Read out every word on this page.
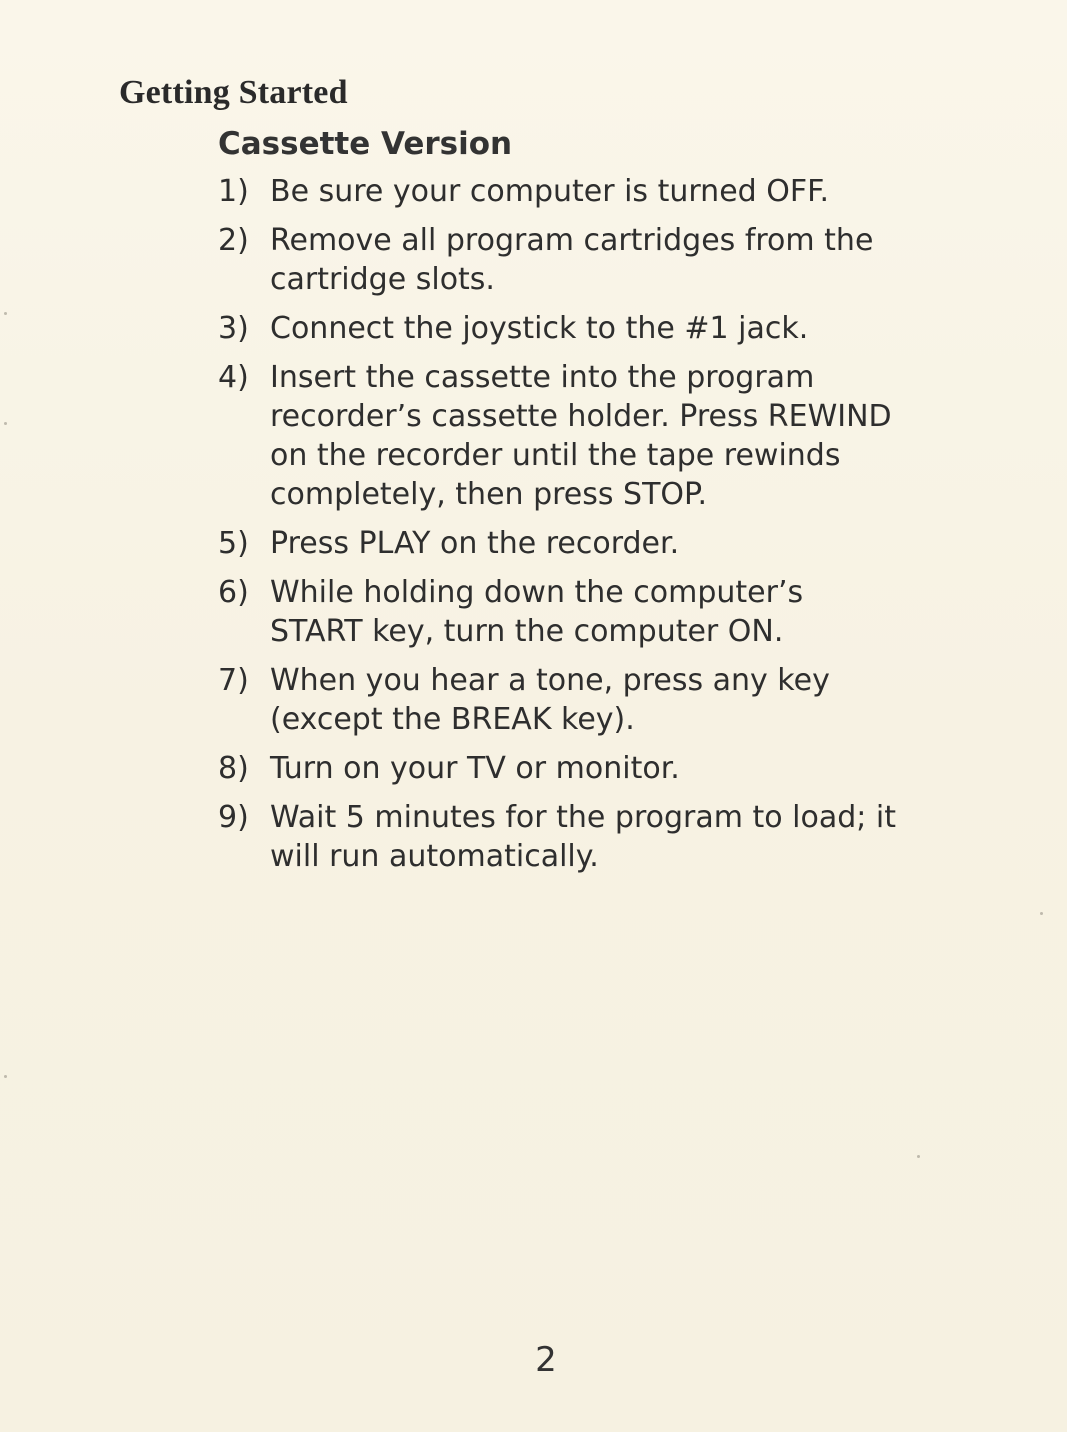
Getting Started
Cassette Version
1) Be sure your computer is turned OFF.
2) Remove all program cartridges from the
cartridge slots.
3) Connect the joystick to the #1 jack.
4) Insert the cassette into the program
recorder’s cassette holder. Press REWIND
on the recorder until the tape rewinds
completely, then press STOP.
5) Press PLAY on the recorder.
6) While holding down the computer’s
START key, turn the computer ON.
7) When you hear a tone, press any key
(except the BREAK key).
8) Turn on your TV or monitor.
9) Wait 5 minutes for the program to load; it
will run automatically.
2
